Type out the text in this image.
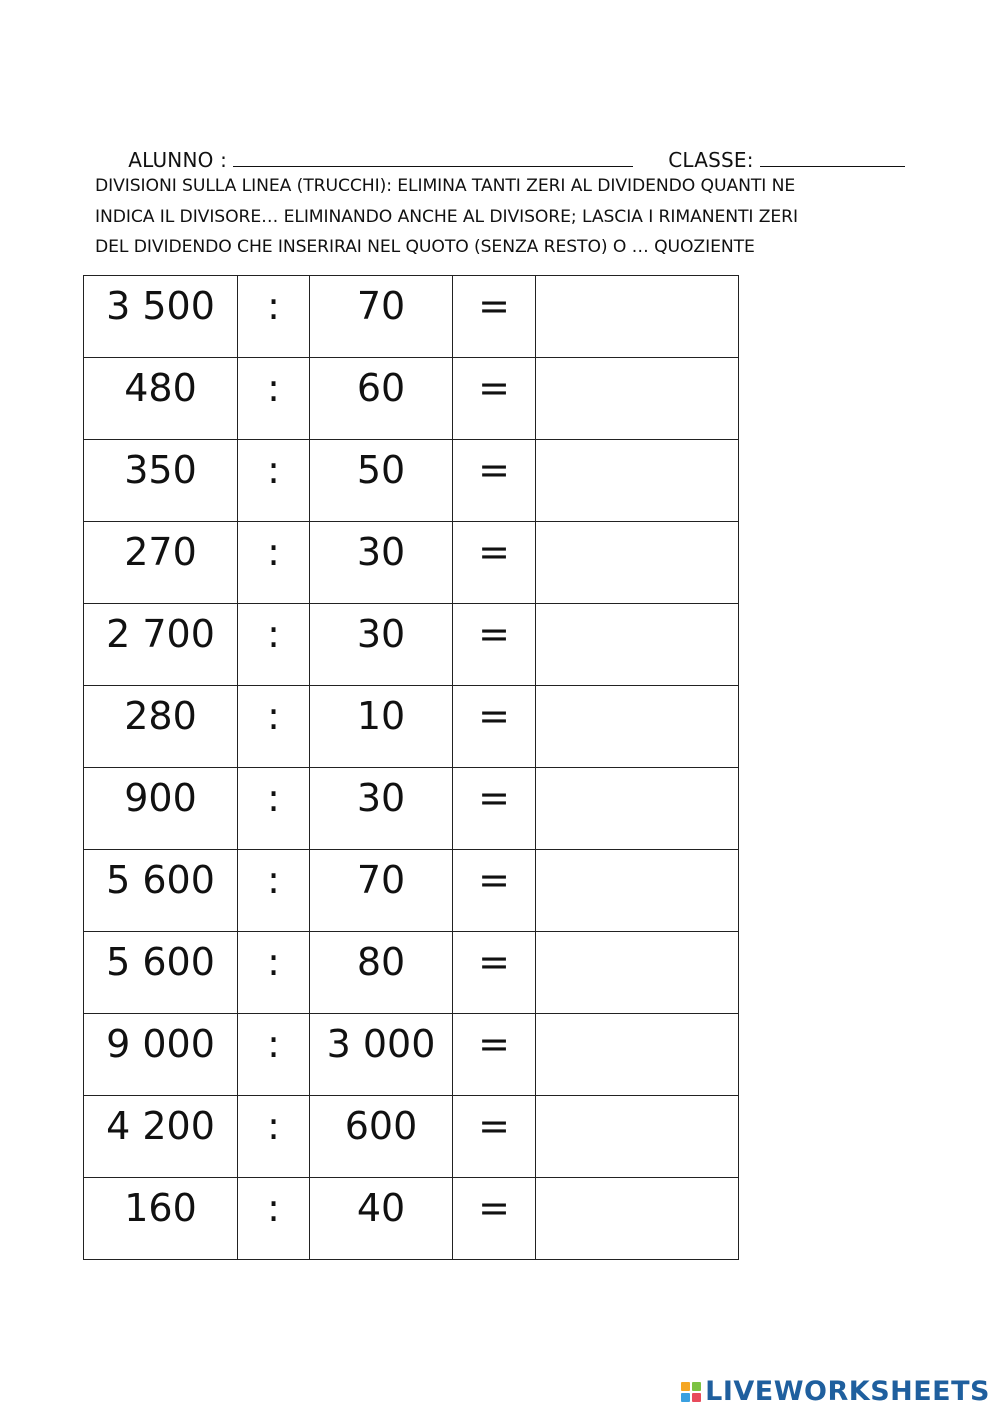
ALUNNO :

	CLASSE:

DIVISIONI SULLA LINEA (TRUCCHI): ELIMINA TANTI ZERI AL DIVIDENDO QUANTI NE
INDICA IL DIVISORE… ELIMINANDO ANCHE AL DIVISORE; LASCIA I RIMANENTI ZERI
DEL DIVIDENDO CHE INSERIRAI NEL QUOTO (SENZA RESTO) O … QUOZIENTE
3 500	:	70	=	
480	:	60	=	
350	:	50	=	
270	:	30	=	
2 700	:	30	=	
280	:	10	=	
900	:	30	=	
5 600	:	70	=	
5 600	:	80	=	
9 000	:	3 000	=	
4 200	:	600	=	
160	:	40	=	
LIVEWORKSHEETS
